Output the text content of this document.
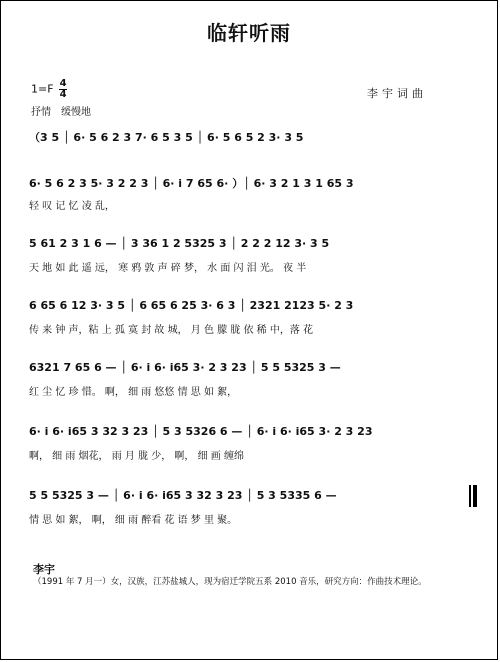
临轩听雨
$1=F \frac{4}{4}$
抒情　缓慢地
李宇词曲
（3 5 │ 6· 5 6 2 3 7· 6 5 3 5 │ 6· 5 6 5 2 3· 3 5
6· 5 6 2 3 5· 3 2 2 3 │ 6· i 7 65 6· ）│ 6· 3 2 1 3 1 65 3
轻 叹 记 忆 凌 乱，
5 61 2 3 1 6 — │ 3 36 1 2 5325 3 │ 2 2 2 12 3· 3 5
天 地 如 此 遥 远， 寒 鸦 敦 声 碎 梦， 水 面 闪 泪 光。 夜 半
6 65 6 12 3· 3 5 │ 6 65 6 25 3· 6 3 │ 2321 2123 5· 2 3
传 来 钟 声，粘 上 孤 寞 封 故 城， 月 色 朦 胧 依 稀 中，落 花
6321 7 65 6 — │ 6· i 6· i65 3· 2 3 23 │ 5 5 5325 3 —
红 尘 忆 珍 惜。 啊， 细 雨 悠悠 情 思 如 絮，
6· i 6· i65 3 32 3 23 │ 5 3 5326 6 — │ 6· i 6· i65 3· 2 3 23
啊， 细 雨 烟花， 雨 月 胧 少， 啊， 细 画 缠绵
5 5 5325 3 — │ 6· i 6· i65 3 32 3 23 │ 5 3 5335 6 —
情 思 如 絮， 啊， 细 雨 醉看 花 语 梦 里 聚。
李宇
（1991 年 7 月一）女，汉族，江苏盐城人，现为宿迁学院五系 2010 音乐，研究方向：作曲技术理论。
